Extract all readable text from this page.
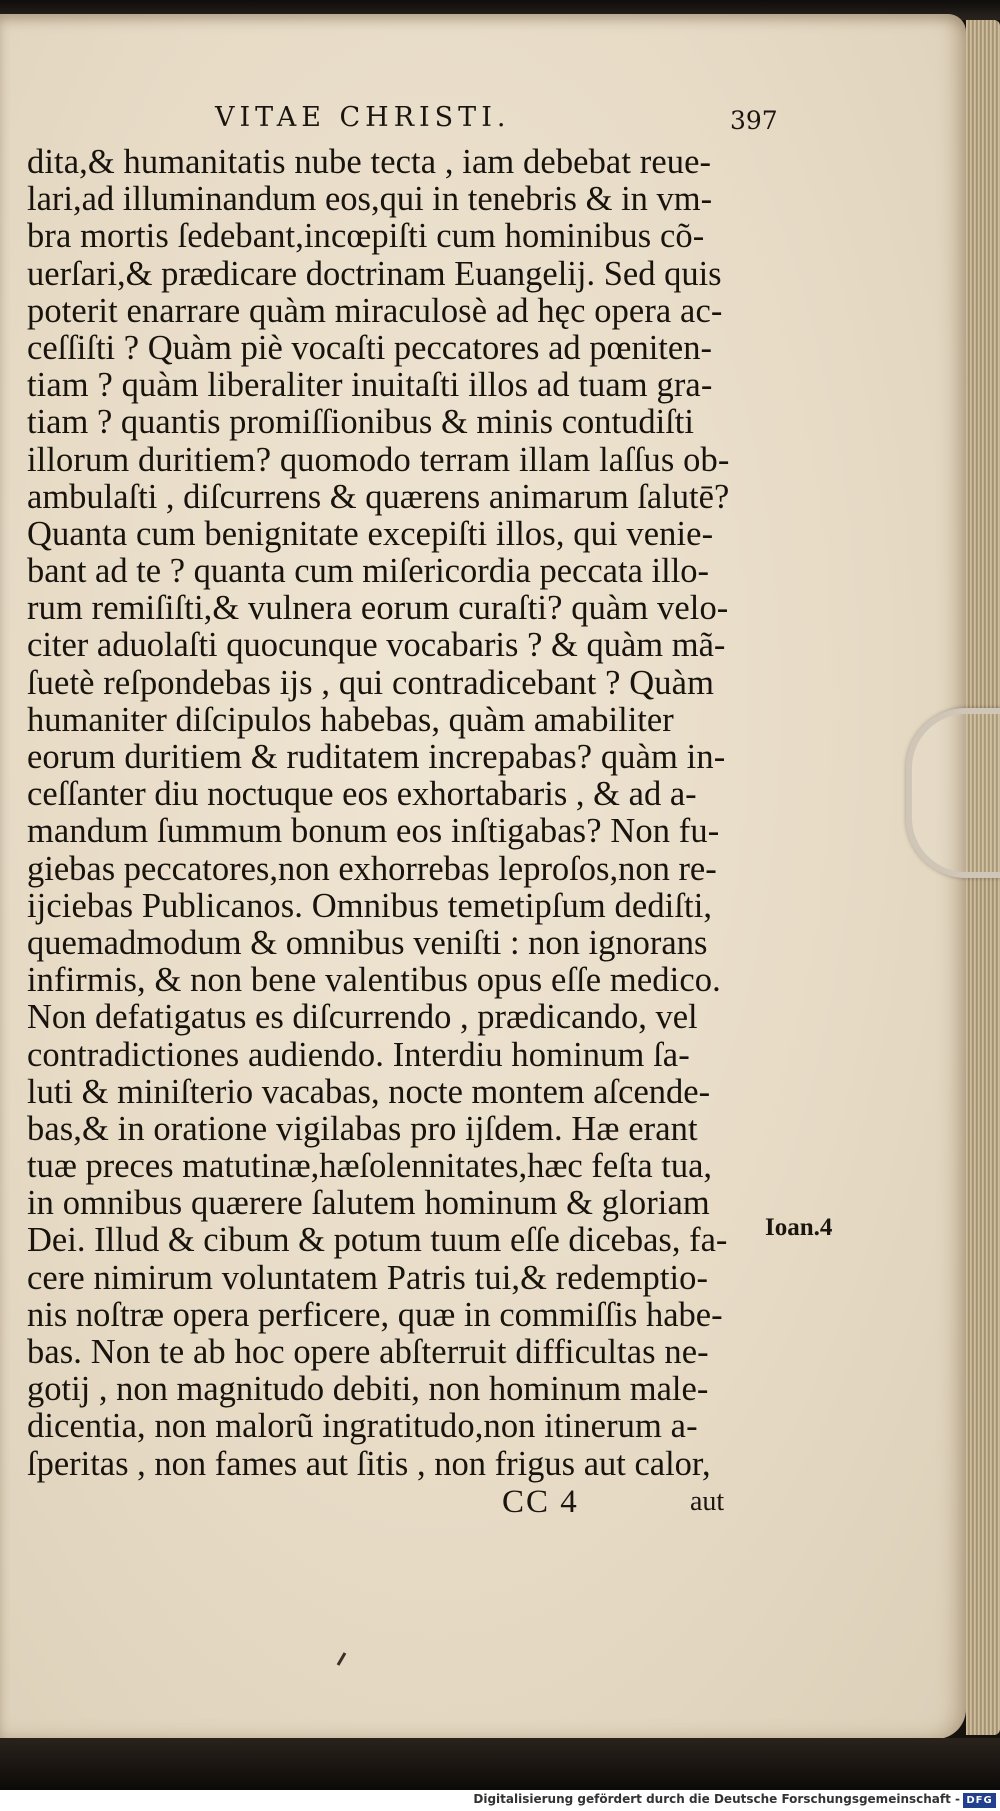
VITAE CHRISTI.	397
dita,& humanitatis nube tecta , iam debebat reue-
lari,ad illuminandum eos,qui in tenebris & in vm-
bra mortis ſedebant,incœpiſti cum hominibus cõ-
uerſari,& prædicare doctrinam Euangelij. Sed quis
poterit enarrare quàm miraculosè ad hęc opera ac-
ceſſiſti ? Quàm piè vocaſti peccatores ad pœniten-
tiam ? quàm liberaliter inuitaſti illos ad tuam gra-
tiam ? quantis promiſſionibus & minis contudiſti
illorum duritiem? quomodo terram illam laſſus ob-
ambulaſti , diſcurrens & quærens animarum ſalutē?
Quanta cum benignitate excepiſti illos, qui venie-
bant ad te ? quanta cum miſericordia peccata illo-
rum remiſiſti,& vulnera eorum curaſti? quàm velo-
citer aduolaſti quocunque vocabaris ? & quàm mã-
ſuetè reſpondebas ijs , qui contradicebant ? Quàm
humaniter diſcipulos habebas, quàm amabiliter
eorum duritiem & ruditatem increpabas? quàm in-
ceſſanter diu noctuque eos exhortabaris , & ad a-
mandum ſummum bonum eos inſtigabas? Non fu-
giebas peccatores,non exhorrebas leproſos,non re-
ijciebas Publicanos. Omnibus temetipſum dediſti,
quemadmodum & omnibus veniſti : non ignorans
infirmis, & non bene valentibus opus eſſe medico.
Non defatigatus es diſcurrendo , prædicando, vel
contradictiones audiendo. Interdiu hominum ſa-
luti & miniſterio vacabas, nocte montem aſcende-
bas,& in oratione vigilabas pro ijſdem. Hæ erant
tuæ preces matutinæ,hæſolennitates,hæc feſta tua,
in omnibus quærere ſalutem hominum & gloriam
Dei. Illud & cibum & potum tuum eſſe dicebas, fa-
cere nimirum voluntatem Patris tui,& redemptio-
nis noſtræ opera perficere, quæ in commiſſis habe-
bas. Non te ab hoc opere abſterruit difficultas ne-
gotij , non magnitudo debiti, non hominum male-
dicentia, non malorũ ingratitudo,non itinerum a-
ſperitas , non fames aut ſitis , non frigus aut calor,
Ioan.4
CC 4	aut
Digitalisierung gefördert durch die Deutsche Forschungsgemeinschaft - DFG
